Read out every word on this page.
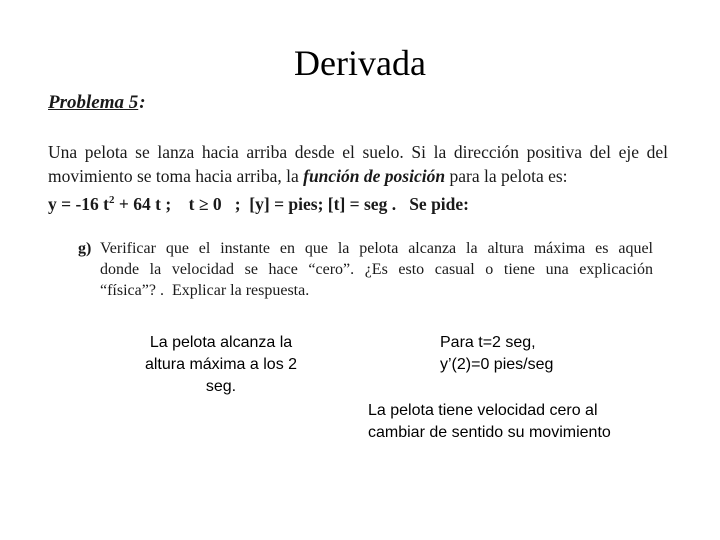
Derivada
Problema 5:
Una pelota se lanza hacia arriba desde el suelo. Si la dirección positiva del eje del
movimiento se toma hacia arriba, la función de posición para la pelota es:
y = -16 $t^2 + 64$ t ;    t ≥ 0   ;  [y] = pies; [t] = seg .   Se pide:
g) Verificar que el instante en que la pelota alcanza la altura máxima es aquel
donde la velocidad se hace “cero”. ¿Es esto casual o tiene una explicación
“física”? .  Explicar la respuesta.
La pelota alcanza la altura máxima a los 2 seg.
Para t=2 seg,
y’(2)=0 pies/seg
La pelota tiene velocidad cero al
cambiar de sentido su movimiento
